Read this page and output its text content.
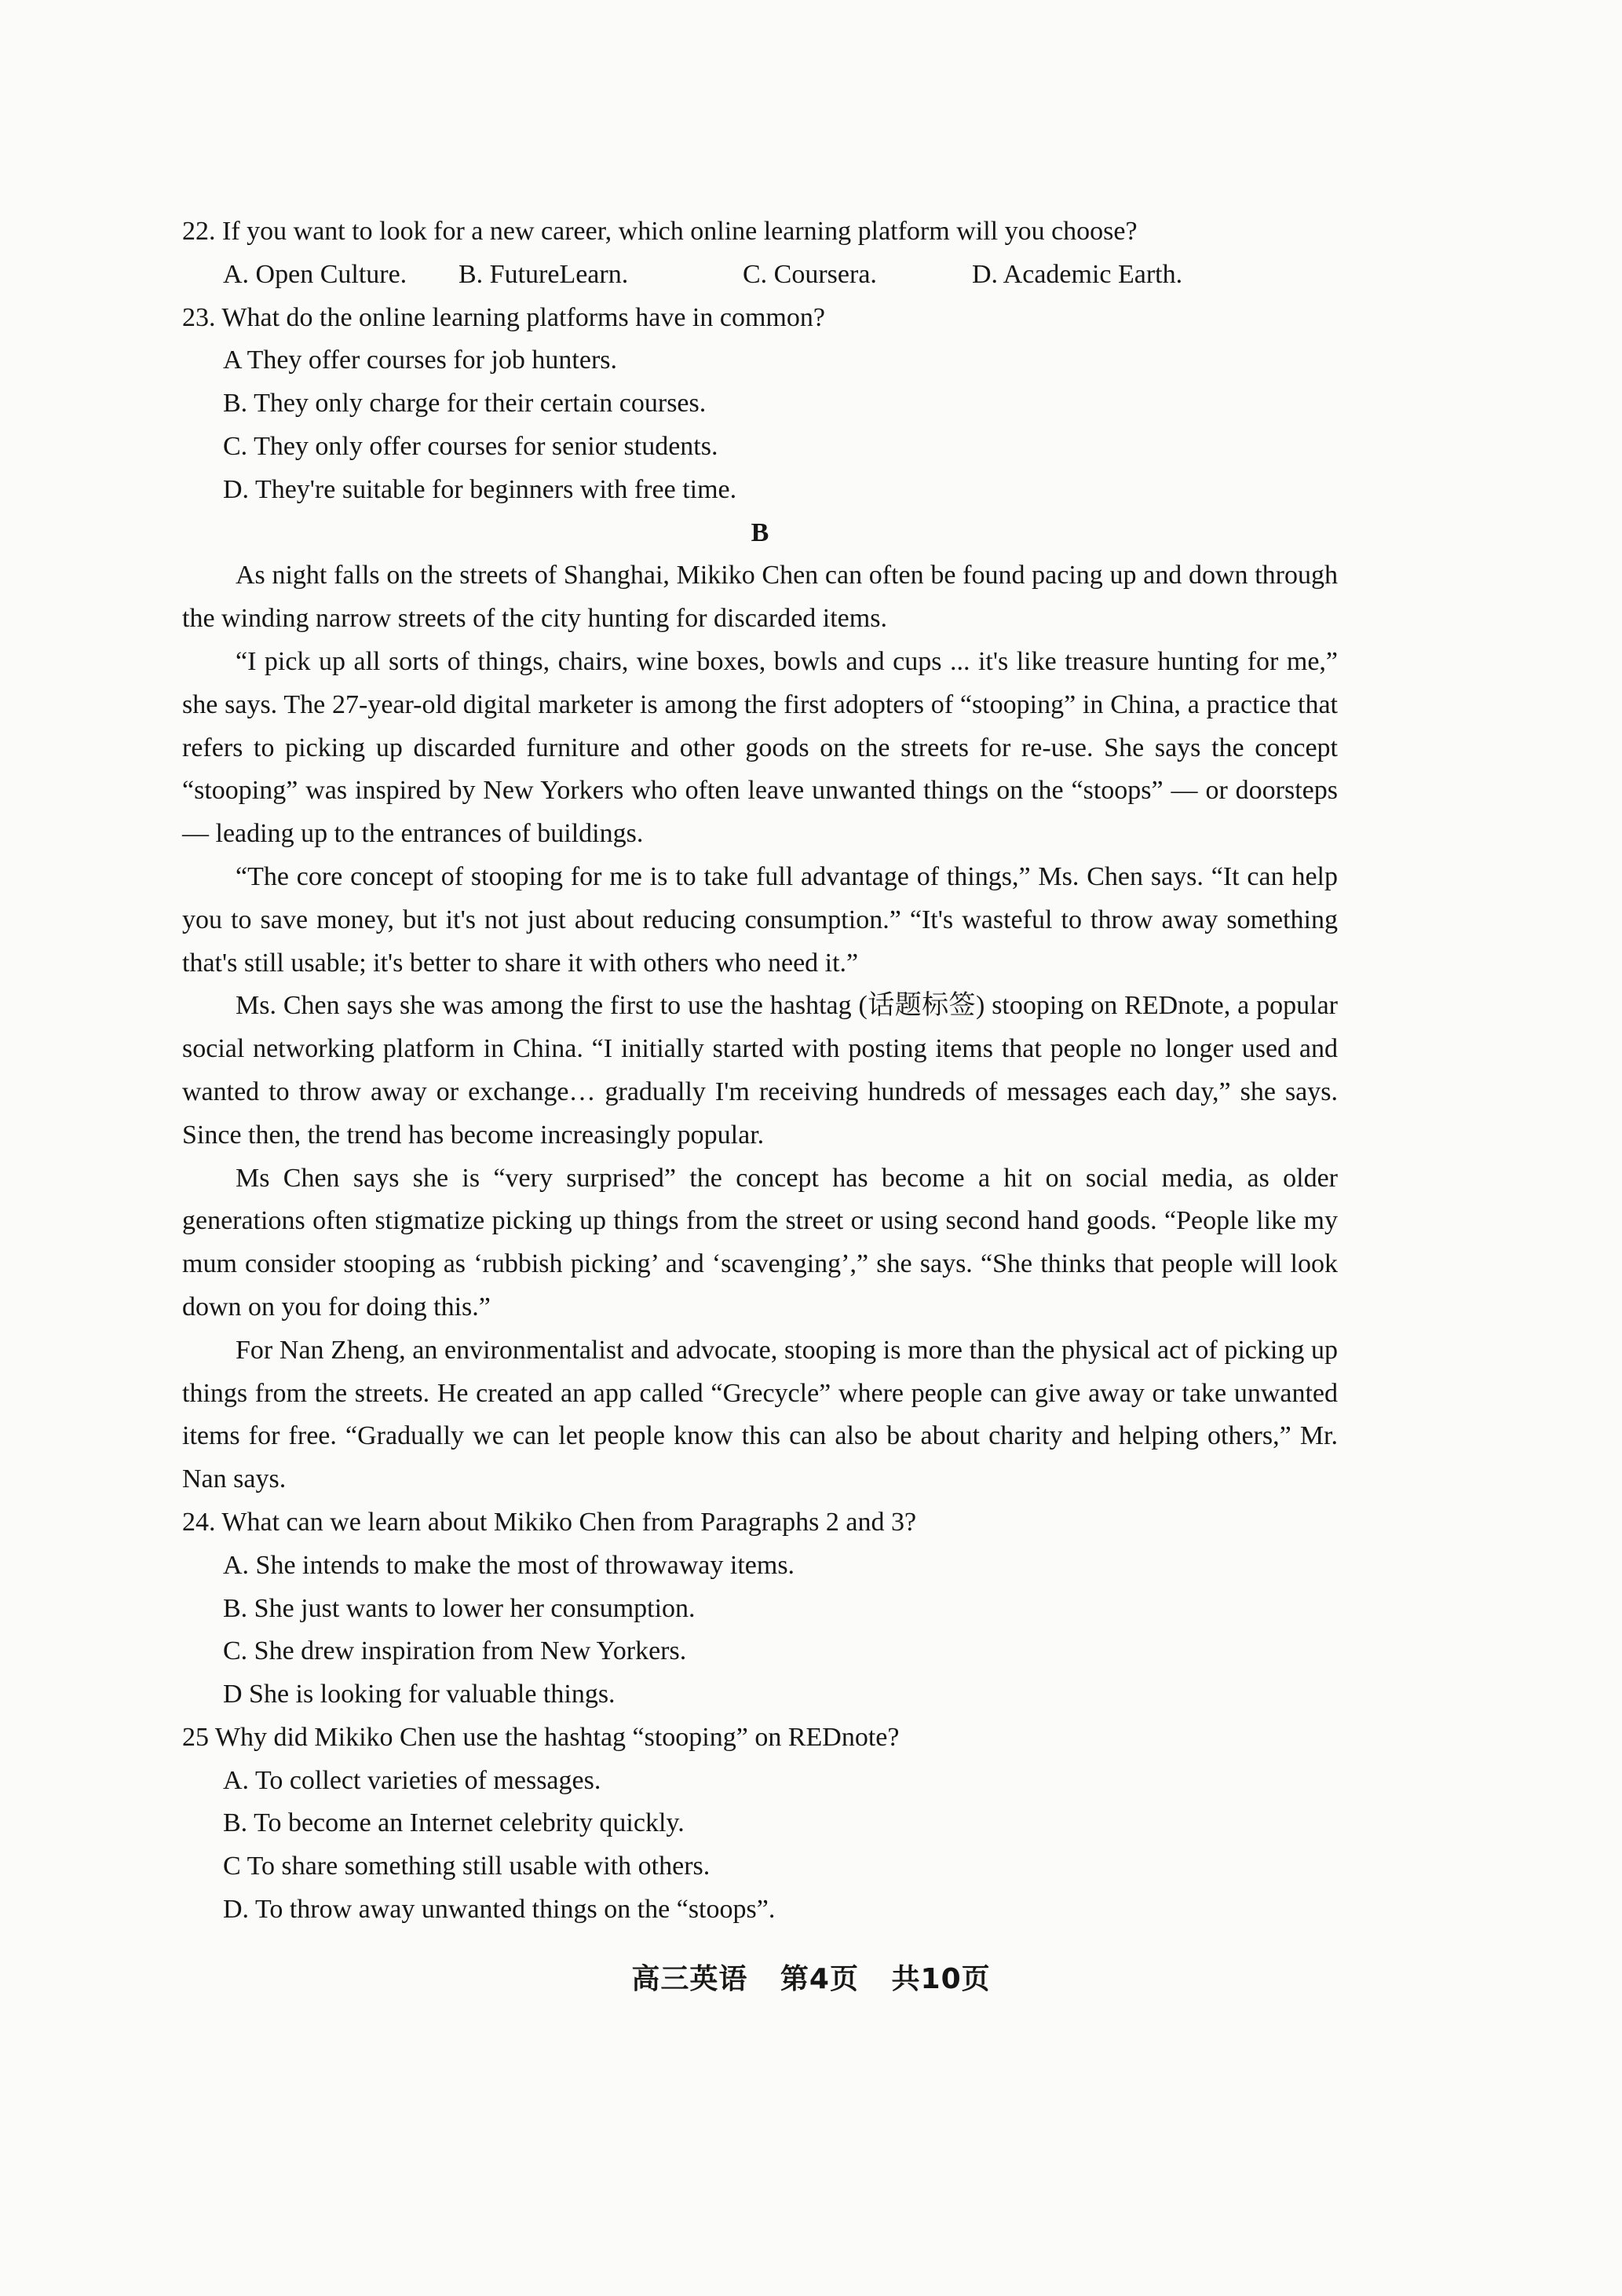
22. If you want to look for a new career, which online learning platform will you choose?

A. Open Culture.	B. FutureLearn.	C. Coursera.	D. Academic Earth.

23. What do the online learning platforms have in common?

A They offer courses for job hunters.

B. They only charge for their certain courses.

C. They only offer courses for senior students.

D. They're suitable for beginners with free time.

B

As night falls on the streets of Shanghai, Mikiko Chen can often be found pacing up and down through the winding narrow streets of the city hunting for discarded items.

“I pick up all sorts of things, chairs, wine boxes, bowls and cups ... it's like treasure hunting for me,” she says. The 27-year-old digital marketer is among the first adopters of “stooping” in China, a practice that refers to picking up discarded furniture and other goods on the streets for re-use. She says the concept “stooping” was inspired by New Yorkers who often leave unwanted things on the “stoops” — or doorsteps — leading up to the entrances of buildings.

“The core concept of stooping for me is to take full advantage of things,” Ms. Chen says. “It can help you to save money, but it's not just about reducing consumption.” “It's wasteful to throw away something that's still usable; it's better to share it with others who need it.”

Ms. Chen says she was among the first to use the hashtag (话题标签) stooping on REDnote, a popular social networking platform in China. “I initially started with posting items that people no longer used and wanted to throw away or exchange… gradually I'm receiving hundreds of messages each day,” she says. Since then, the trend has become increasingly popular.

Ms Chen says she is “very surprised” the concept has become a hit on social media, as older generations often stigmatize picking up things from the street or using second hand goods. “People like my mum consider stooping as ‘rubbish picking’ and ‘scavenging’,” she says. “She thinks that people will look down on you for doing this.”

For Nan Zheng, an environmentalist and advocate, stooping is more than the physical act of picking up things from the streets. He created an app called “Grecycle” where people can give away or take unwanted items for free. “Gradually we can let people know this can also be about charity and helping others,” Mr. Nan says.

24. What can we learn about Mikiko Chen from Paragraphs 2 and 3?

A. She intends to make the most of throwaway items.

B. She just wants to lower her consumption.

C. She drew inspiration from New Yorkers.

D She is looking for valuable things.

25 Why did Mikiko Chen use the hashtag “stooping” on REDnote?

A. To collect varieties of messages.

B. To become an Internet celebrity quickly.

C To share something still usable with others.

D. To throw away unwanted things on the “stoops”.

高三英语 第4页 共10页
